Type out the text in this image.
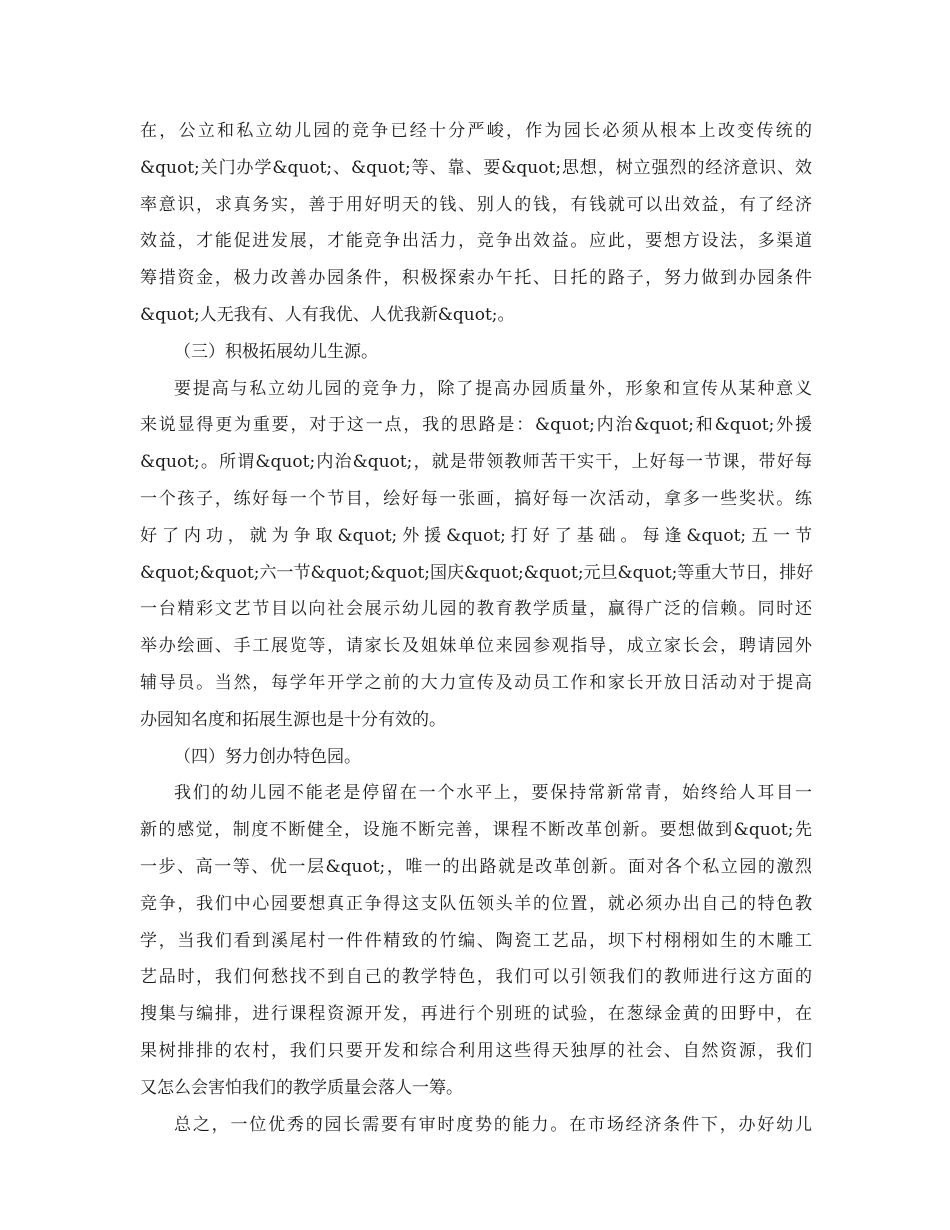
在，公立和私立幼儿园的竞争已经十分严峻，作为园长必须从根本上改变传统的
&quot;关门办学&quot;、&quot;等、靠、要&quot;思想，树立强烈的经济意识、效
率意识，求真务实，善于用好明天的钱、别人的钱，有钱就可以出效益，有了经济
效益，才能促进发展，才能竞争出活力，竞争出效益。应此，要想方设法，多渠道
筹措资金，极力改善办园条件，积极探索办午托、日托的路子，努力做到办园条件
&quot;人无我有、人有我优、人优我新&quot;。
（三）积极拓展幼儿生源。
要提高与私立幼儿园的竞争力，除了提高办园质量外，形象和宣传从某种意义
来说显得更为重要，对于这一点，我的思路是：&quot;内治&quot;和&quot;外援
&quot;。所谓&quot;内治&quot;，就是带领教师苦干实干，上好每一节课，带好每
一个孩子，练好每一个节目，绘好每一张画，搞好每一次活动，拿多一些奖状。练
好了内功，就为争取&quot;外援&quot;打好了基础。每逢&quot;五一节
&quot;&quot;六一节&quot;&quot;国庆&quot;&quot;元旦&quot;等重大节日，排好
一台精彩文艺节目以向社会展示幼儿园的教育教学质量，赢得广泛的信赖。同时还
举办绘画、手工展览等，请家长及姐妹单位来园参观指导，成立家长会，聘请园外
辅导员。当然，每学年开学之前的大力宣传及动员工作和家长开放日活动对于提高
办园知名度和拓展生源也是十分有效的。
（四）努力创办特色园。
我们的幼儿园不能老是停留在一个水平上，要保持常新常青，始终给人耳目一
新的感觉，制度不断健全，设施不断完善，课程不断改革创新。要想做到&quot;先
一步、高一等、优一层&quot;，唯一的出路就是改革创新。面对各个私立园的激烈
竞争，我们中心园要想真正争得这支队伍领头羊的位置，就必须办出自己的特色教
学，当我们看到溪尾村一件件精致的竹编、陶瓷工艺品，坝下村栩栩如生的木雕工
艺品时，我们何愁找不到自己的教学特色，我们可以引领我们的教师进行这方面的
搜集与编排，进行课程资源开发，再进行个别班的试验，在葱绿金黄的田野中，在
果树排排的农村，我们只要开发和综合利用这些得天独厚的社会、自然资源，我们
又怎么会害怕我们的教学质量会落人一筹。
总之，一位优秀的园长需要有审时度势的能力。在市场经济条件下，办好幼儿
